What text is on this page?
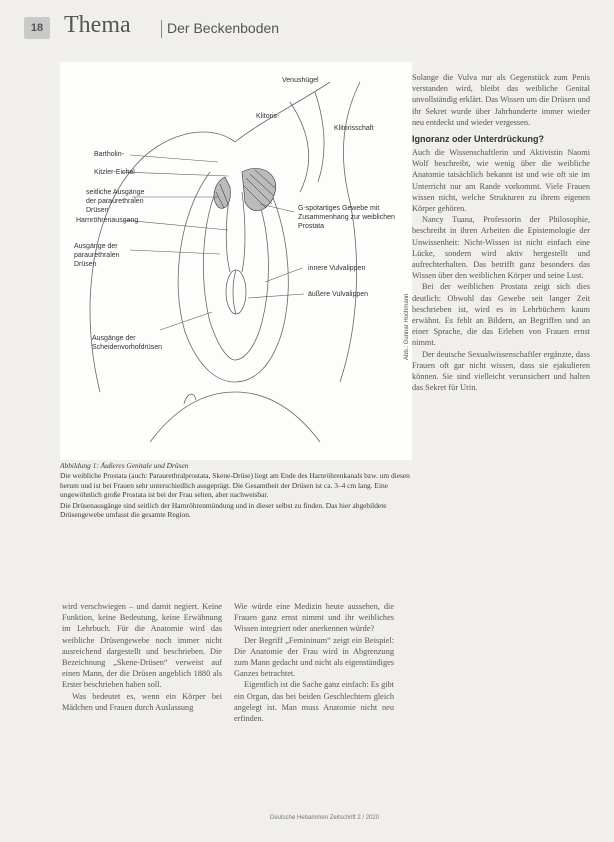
18 Thema	Der Beckenboden
Venushügel
Klitoris-
Klitorisschaft
Bartholin-
Kitzler-Eichel
seitliche Ausgänge der paraurethralen Drüsen
Harnröhrenausgang
Ausgänge der paraurethralen Drüsen
G-spotartiges Gewebe mit Zusammenhang zur weiblichen Prostata
innere Vulvalippen
äußere Vulvalippen
Ausgänge der Scheidenvorhofdrüsen	Abb.: Gunnar Hochmann

Abbildung 1: Äußeres Genitale und Drüsen

Die weibliche Prostata (auch: Paraurethralprostata, Skene-Drüse) liegt am Ende des Harnröhrenkanals bzw. um diesen herum und ist bei Frauen sehr unterschiedlich ausgeprägt. Die Gesamtheit der Drüsen ist ca. 3–4 cm lang. Eine ungewöhnlich große Prostata ist bei der Frau selten, aber nachweisbar.

Die Drüsenausgänge sind seitlich der Harnröhrenmündung und in dieser selbst zu finden. Das hier abgebildete Drüsengewebe umfasst die gesamte Region.

wird verschwiegen – und damit negiert. Keine Funktion, keine Bedeutung, keine Erwähnung im Lehrbuch. Für die Anatomie wird das weibliche Drüsengewebe noch immer nicht ausreichend dargestellt und beschrieben. Die Bezeichnung „Skene-Drüsen“ verweist auf einen Mann, der die Drüsen angeblich 1880 als Erster beschrieben haben soll.

Was bedeutet es, wenn ein Körper bei Mädchen und Frauen durch Auslassung

Wie würde eine Medizin heute aussehen, die Frauen ganz ernst nimmt und ihr weibliches Wissen integriert oder anerkennen würde?

Der Begriff „Femininum“ zeigt ein Beispiel: Die Anatomie der Frau wird in Abgrenzung zum Mann gedacht und nicht als eigenständiges Ganzes betrachtet.

Eigentlich ist die Sache ganz einfach: Es gibt ein Organ, das bei beiden Geschlechtern gleich angelegt ist. Man muss Anatomie nicht neu erfinden.

Solange die Vulva nur als Gegenstück zum Penis verstanden wird, bleibt das weibliche Genital unvollständig erklärt. Das Wissen um die Drüsen und ihr Sekret wurde über Jahrhunderte immer wieder neu entdeckt und wieder vergessen.

Ignoranz oder Unterdrückung?

Auch die Wissenschaftlerin und Aktivistin Naomi Wolf beschreibt, wie wenig über die weibliche Anatomie tatsächlich bekannt ist und wie oft sie im Unterricht nur am Rande vorkommt. Viele Frauen wissen nicht, welche Strukturen zu ihrem eigenen Körper gehören.

Nancy Tuana, Professorin der Philosophie, beschreibt in ihren Arbeiten die Epistemologie der Unwissenheit: Nicht-Wissen ist nicht einfach eine Lücke, sondern wird aktiv hergestellt und aufrechterhalten. Das betrifft ganz besonders das Wissen über den weiblichen Körper und seine Lust.

Bei der weiblichen Prostata zeigt sich dies deutlich: Obwohl das Gewebe seit langer Zeit beschrieben ist, wird es in Lehrbüchern kaum erwähnt. Es fehlt an Bildern, an Begriffen und an einer Sprache, die das Erleben von Frauen ernst nimmt.

Der deutsche Sexualwissenschaftler ergänzte, dass Frauen oft gar nicht wissen, dass sie ejakulieren können. Sie sind vielleicht verunsichert und halten das Sekret für Urin.

Deutsche Hebammen Zeitschrift 2 / 2020
